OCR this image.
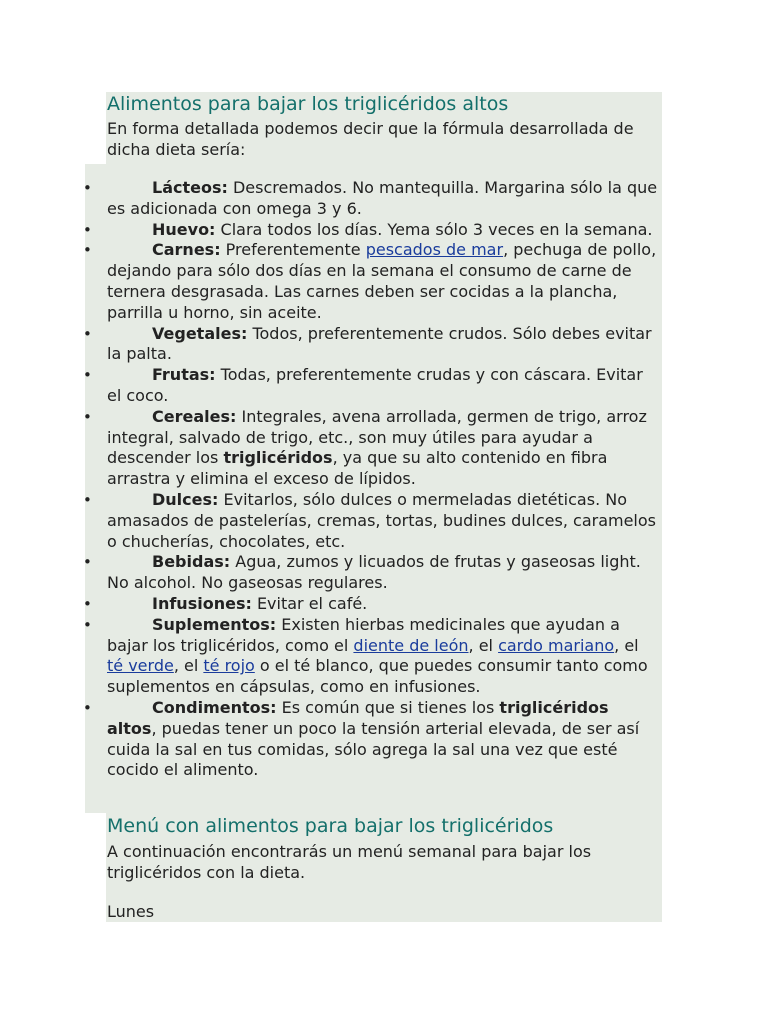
Alimentos para bajar los triglicéridos altos
En forma detallada podemos decir que la fórmula desarrollada de dicha dieta sería:
•	Lácteos: Descremados. No mantequilla. Margarina sólo la que es adicionada con omega 3 y 6.
•	Huevo: Clara todos los días. Yema sólo 3 veces en la semana.
•	Carnes: Preferentemente pescados de mar, pechuga de pollo, dejando para sólo dos días en la semana el consumo de carne de ternera desgrasada. Las carnes deben ser cocidas a la plancha, parrilla u horno, sin aceite.
•	Vegetales: Todos, preferentemente crudos. Sólo debes evitar la palta.
•	Frutas: Todas, preferentemente crudas y con cáscara. Evitar el coco.
•	Cereales: Integrales, avena arrollada, germen de trigo, arroz integral, salvado de trigo, etc., son muy útiles para ayudar a descender los triglicéridos, ya que su alto contenido en fibra arrastra y elimina el exceso de lípidos.
•	Dulces: Evitarlos, sólo dulces o mermeladas dietéticas. No amasados de pastelerías, cremas, tortas, budines dulces, caramelos o chucherías, chocolates, etc.
•	Bebidas: Agua, zumos y licuados de frutas y gaseosas light. No alcohol. No gaseosas regulares.
•	Infusiones: Evitar el café.
•	Suplementos: Existen hierbas medicinales que ayudan a bajar los triglicéridos, como el diente de león, el cardo mariano, el té verde, el té rojo o el té blanco, que puedes consumir tanto como suplementos en cápsulas, como en infusiones.
•	Condimentos: Es común que si tienes los triglicéridos altos, puedas tener un poco la tensión arterial elevada, de ser así cuida la sal en tus comidas, sólo agrega la sal una vez que esté cocido el alimento.
Menú con alimentos para bajar los triglicéridos
A continuación encontrarás un menú semanal para bajar los triglicéridos con la dieta.
Lunes
